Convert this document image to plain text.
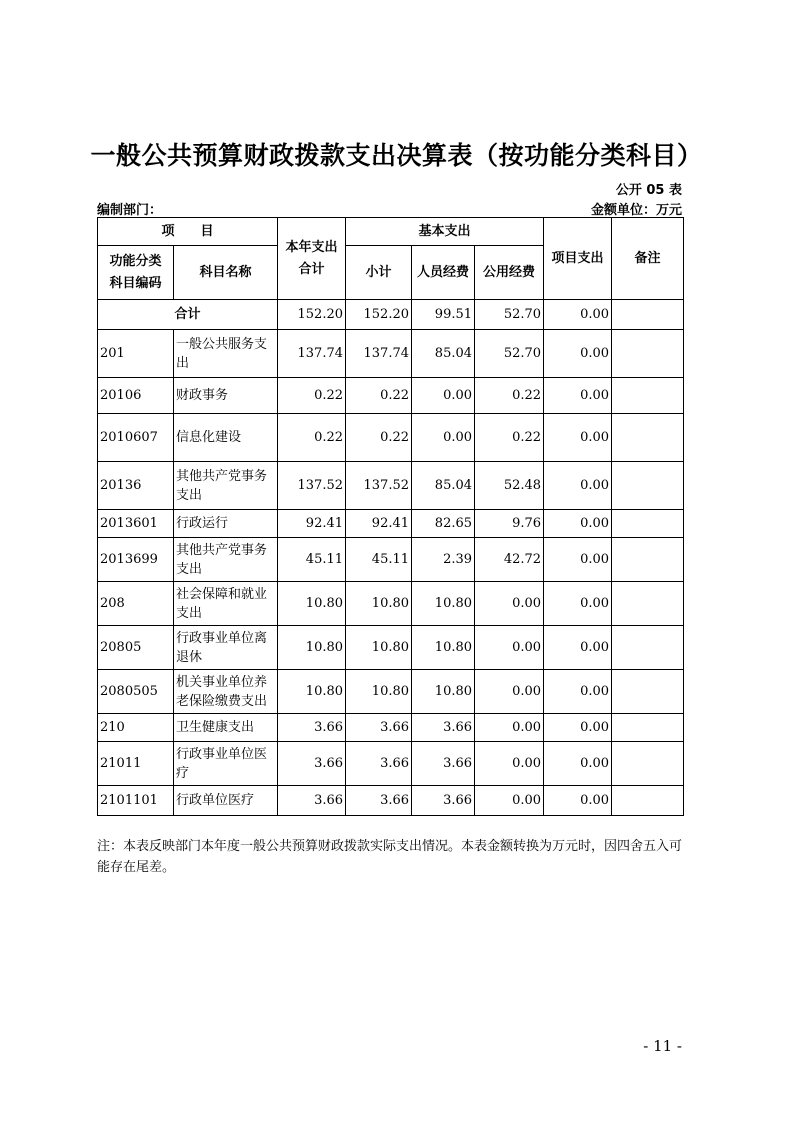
一般公共预算财政拨款支出决算表（按功能分类科目）
公开 05 表
编制部门：	金额单位：万元
项　　目		本年支出合计	基本支出			项目支出	备注
功能分类科目编码	科目名称		小计	人员经费	公用经费		
合计		152.20	152.20	99.51	52.70	0.00	
201	一般公共服务支出	137.74	137.74	85.04	52.70	0.00	
20106	财政事务	0.22	0.22	0.00	0.22	0.00	
2010607	信息化建设	0.22	0.22	0.00	0.22	0.00	
20136	其他共产党事务支出	137.52	137.52	85.04	52.48	0.00	
2013601	行政运行	92.41	92.41	82.65	9.76	0.00	
2013699	其他共产党事务支出	45.11	45.11	2.39	42.72	0.00	
208	社会保障和就业支出	10.80	10.80	10.80	0.00	0.00	
20805	行政事业单位离退休	10.80	10.80	10.80	0.00	0.00	
2080505	机关事业单位养老保险缴费支出	10.80	10.80	10.80	0.00	0.00	
210	卫生健康支出	3.66	3.66	3.66	0.00	0.00	
21011	行政事业单位医疗	3.66	3.66	3.66	0.00	0.00	
2101101	行政单位医疗	3.66	3.66	3.66	0.00	0.00	
注：本表反映部门本年度一般公共预算财政拨款实际支出情况。本表金额转换为万元时，因四舍五入可能存在尾差。
- 11 -
